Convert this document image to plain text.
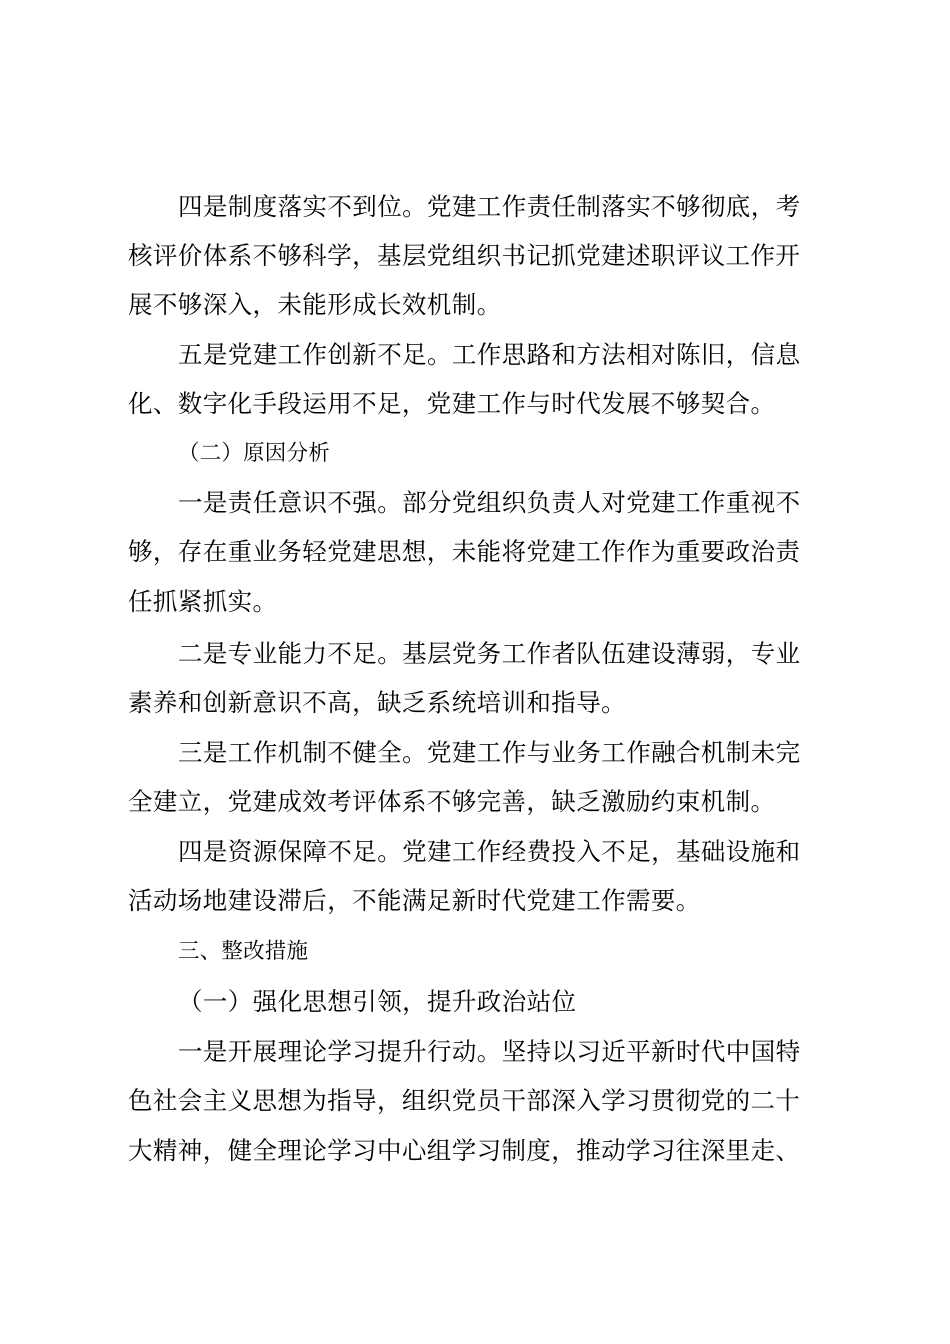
四是制度落实不到位。党建工作责任制落实不够彻底，考
核评价体系不够科学，基层党组织书记抓党建述职评议工作开
展不够深入，未能形成长效机制。
五是党建工作创新不足。工作思路和方法相对陈旧，信息
化、数字化手段运用不足，党建工作与时代发展不够契合。
（二）原因分析
一是责任意识不强。部分党组织负责人对党建工作重视不
够，存在重业务轻党建思想，未能将党建工作作为重要政治责
任抓紧抓实。
二是专业能力不足。基层党务工作者队伍建设薄弱，专业
素养和创新意识不高，缺乏系统培训和指导。
三是工作机制不健全。党建工作与业务工作融合机制未完
全建立，党建成效考评体系不够完善，缺乏激励约束机制。
四是资源保障不足。党建工作经费投入不足，基础设施和
活动场地建设滞后，不能满足新时代党建工作需要。
三、整改措施
（一）强化思想引领，提升政治站位
一是开展理论学习提升行动。坚持以习近平新时代中国特
色社会主义思想为指导，组织党员干部深入学习贯彻党的二十
大精神，健全理论学习中心组学习制度，推动学习往深里走、
